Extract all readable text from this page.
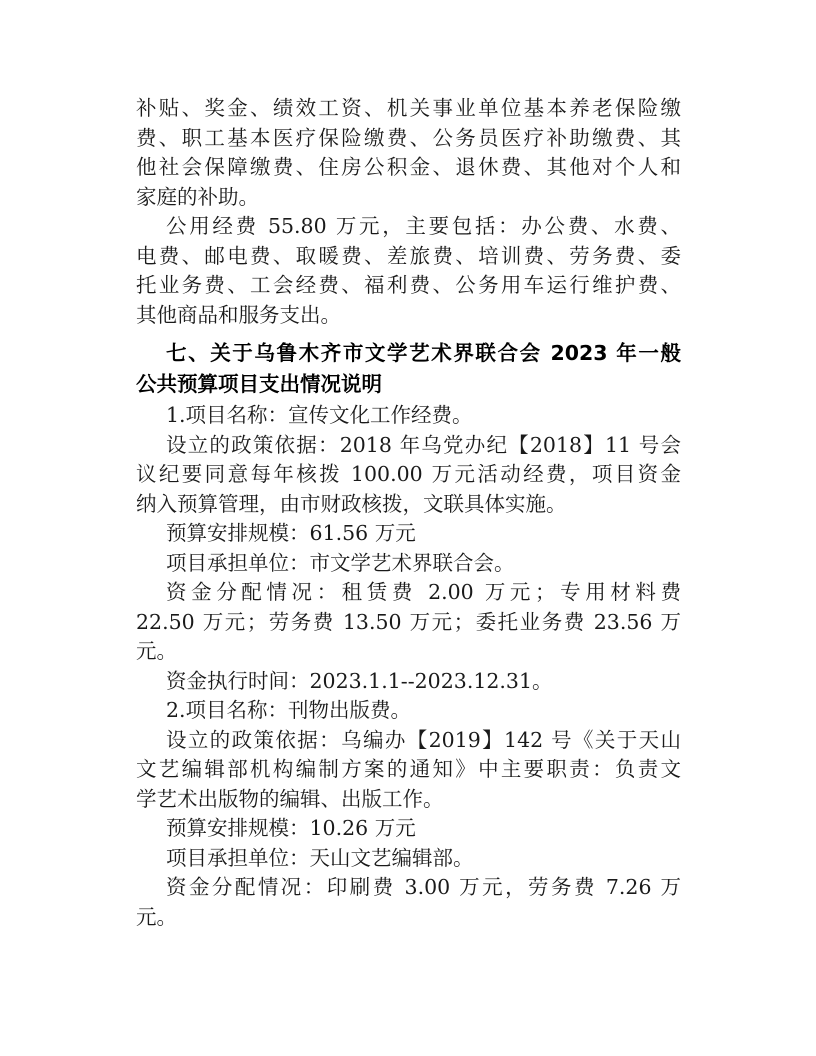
补贴、奖金、绩效工资、机关事业单位基本养老保险缴
费、职工基本医疗保险缴费、公务员医疗补助缴费、其
他社会保障缴费、住房公积金、退休费、其他对个人和
家庭的补助。
公用经费 55.80 万元，主要包括：办公费、水费、
电费、邮电费、取暖费、差旅费、培训费、劳务费、委
托业务费、工会经费、福利费、公务用车运行维护费、
其他商品和服务支出。
七、关于乌鲁木齐市文学艺术界联合会 2023 年一般
公共预算项目支出情况说明
1.项目名称：宣传文化工作经费。
设立的政策依据：2018 年乌党办纪【2018】11 号会
议纪要同意每年核拨 100.00 万元活动经费，项目资金
纳入预算管理，由市财政核拨，文联具体实施。
预算安排规模：61.56 万元
项目承担单位：市文学艺术界联合会。
资金分配情况：租赁费 2.00 万元；专用材料费
22.50 万元；劳务费 13.50 万元；委托业务费 23.56 万
元。
资金执行时间：2023.1.1--2023.12.31。
2.项目名称：刊物出版费。
设立的政策依据：乌编办【2019】142 号《关于天山
文艺编辑部机构编制方案的通知》中主要职责：负责文
学艺术出版物的编辑、出版工作。
预算安排规模：10.26 万元
项目承担单位：天山文艺编辑部。
资金分配情况：印刷费 3.00 万元，劳务费 7.26 万
元。
